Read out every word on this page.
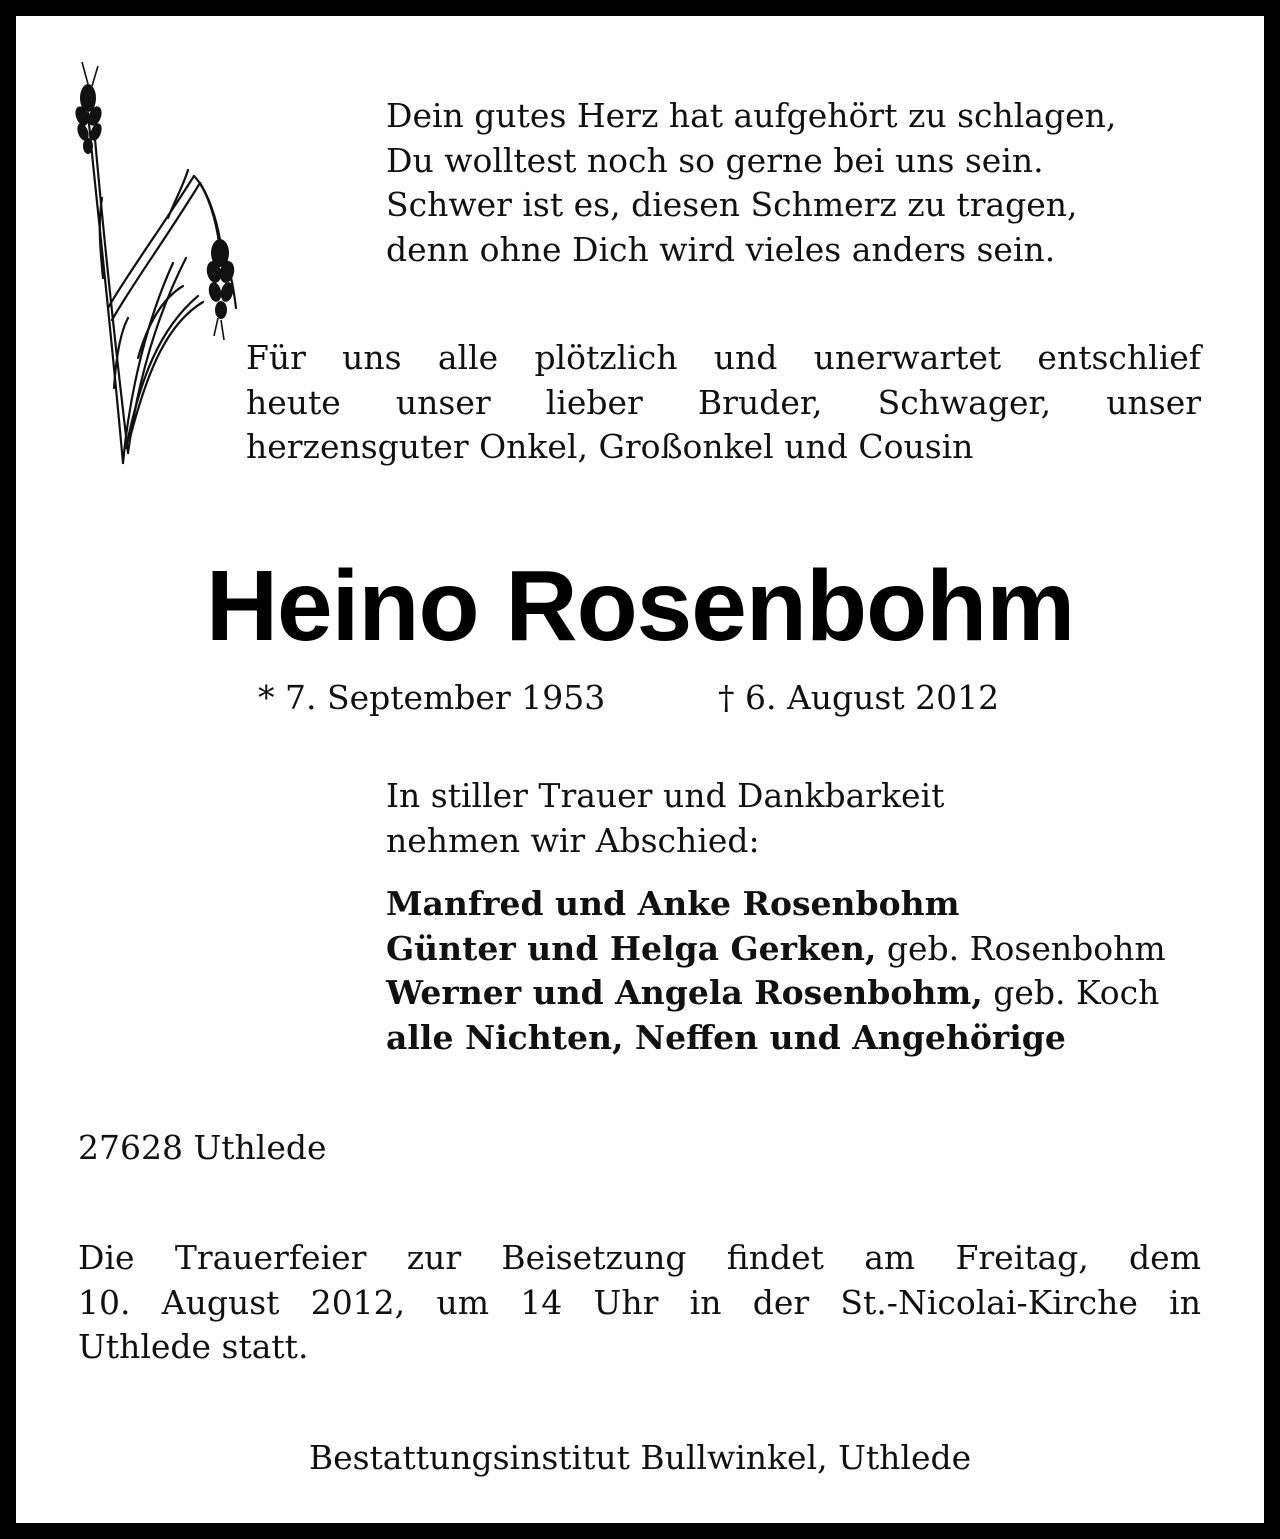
Dein gutes Herz hat aufgehört zu schlagen,
Du wolltest noch so gerne bei uns sein.
Schwer ist es, diesen Schmerz zu tragen,
denn ohne Dich wird vieles anders sein.
Für uns alle plötzlich und unerwartet entschlief
heute unser lieber Bruder, Schwager, unser
herzensguter Onkel, Großonkel und Cousin
Heino Rosenbohm
* 7. September 1953	† 6. August 2012
In stiller Trauer und Dankbarkeit
nehmen wir Abschied:
Manfred und Anke Rosenbohm
Günter und Helga Gerken, geb. Rosenbohm
Werner und Angela Rosenbohm, geb. Koch
alle Nichten, Neffen und Angehörige
27628 Uthlede
Die Trauerfeier zur Beisetzung findet am Freitag, dem
10. August 2012, um 14 Uhr in der St.-Nicolai-Kirche in
Uthlede statt.
Bestattungsinstitut Bullwinkel, Uthlede
